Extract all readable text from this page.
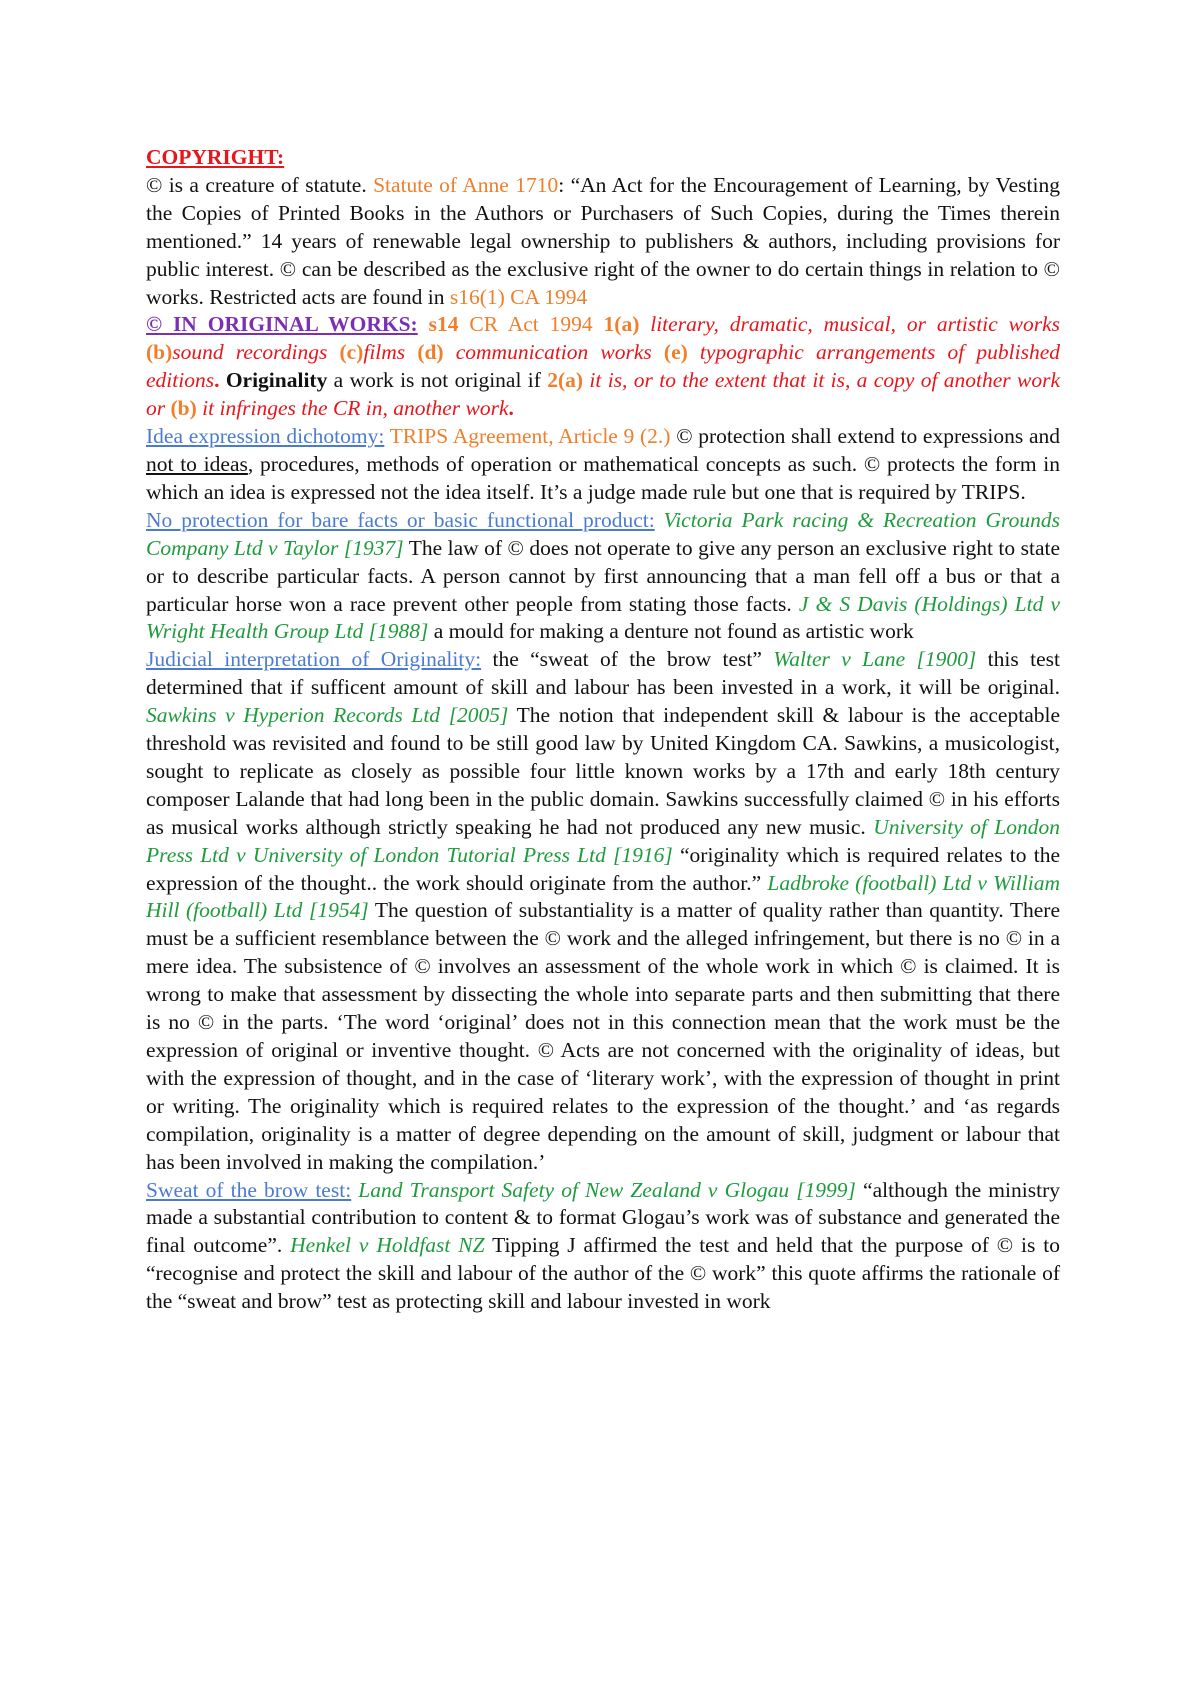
COPYRIGHT:

© is a creature of statute. Statute of Anne 1710: “An Act for the Encouragement of Learning, by Vesting the Copies of Printed Books in the Authors or Purchasers of Such Copies, during the Times therein mentioned.” 14 years of renewable legal ownership to publishers & authors, including provisions for public interest. © can be described as the exclusive right of the owner to do certain things in relation to © works. Restricted acts are found in s16(1) CA 1994

© IN ORIGINAL WORKS: s14 CR Act 1994 1(a) literary, dramatic, musical, or artistic works (b)sound recordings (c)films (d) communication works (e) typographic arrangements of published editions. Originality a work is not original if 2(a) it is, or to the extent that it is, a copy of another work or (b) it infringes the CR in, another work.

Idea expression dichotomy: TRIPS Agreement, Article 9 (2.) © protection shall extend to expressions and not to ideas, procedures, methods of operation or mathematical concepts as such. © protects the form in which an idea is expressed not the idea itself. It’s a judge made rule but one that is required by TRIPS.

No protection for bare facts or basic functional product: Victoria Park racing & Recreation Grounds Company Ltd v Taylor [1937] The law of © does not operate to give any person an exclusive right to state or to describe particular facts. A person cannot by first announcing that a man fell off a bus or that a particular horse won a race prevent other people from stating those facts. J & S Davis (Holdings) Ltd v Wright Health Group Ltd [1988] a mould for making a denture not found as artistic work

Judicial interpretation of Originality: the “sweat of the brow test” Walter v Lane [1900] this test determined that if sufficent amount of skill and labour has been invested in a work, it will be original. Sawkins v Hyperion Records Ltd [2005] The notion that independent skill & labour is the acceptable threshold was revisited and found to be still good law by United Kingdom CA. Sawkins, a musicologist, sought to replicate as closely as possible four little known works by a 17th and early 18th century composer Lalande that had long been in the public domain. Sawkins successfully claimed © in his efforts as musical works although strictly speaking he had not produced any new music. University of London Press Ltd v University of London Tutorial Press Ltd [1916] “originality which is required relates to the expression of the thought.. the work should originate from the author.” Ladbroke (football) Ltd v William Hill (football) Ltd [1954] The question of substantiality is a matter of quality rather than quantity. There must be a sufficient resemblance between the © work and the alleged infringement, but there is no © in a mere idea. The subsistence of © involves an assessment of the whole work in which © is claimed. It is wrong to make that assessment by dissecting the whole into separate parts and then submitting that there is no © in the parts. ‘The word ‘original’ does not in this connection mean that the work must be the expression of original or inventive thought. © Acts are not concerned with the originality of ideas, but with the expression of thought, and in the case of ‘literary work’, with the expression of thought in print or writing. The originality which is required relates to the expression of the thought.’ and ‘as regards compilation, originality is a matter of degree depending on the amount of skill, judgment or labour that has been involved in making the compilation.’

Sweat of the brow test: Land Transport Safety of New Zealand v Glogau [1999] “although the ministry made a substantial contribution to content & to format Glogau’s work was of substance and generated the final outcome”. Henkel v Holdfast NZ Tipping J affirmed the test and held that the purpose of © is to “recognise and protect the skill and labour of the author of the © work” this quote affirms the rationale of the “sweat and brow” test as protecting skill and labour invested in work
